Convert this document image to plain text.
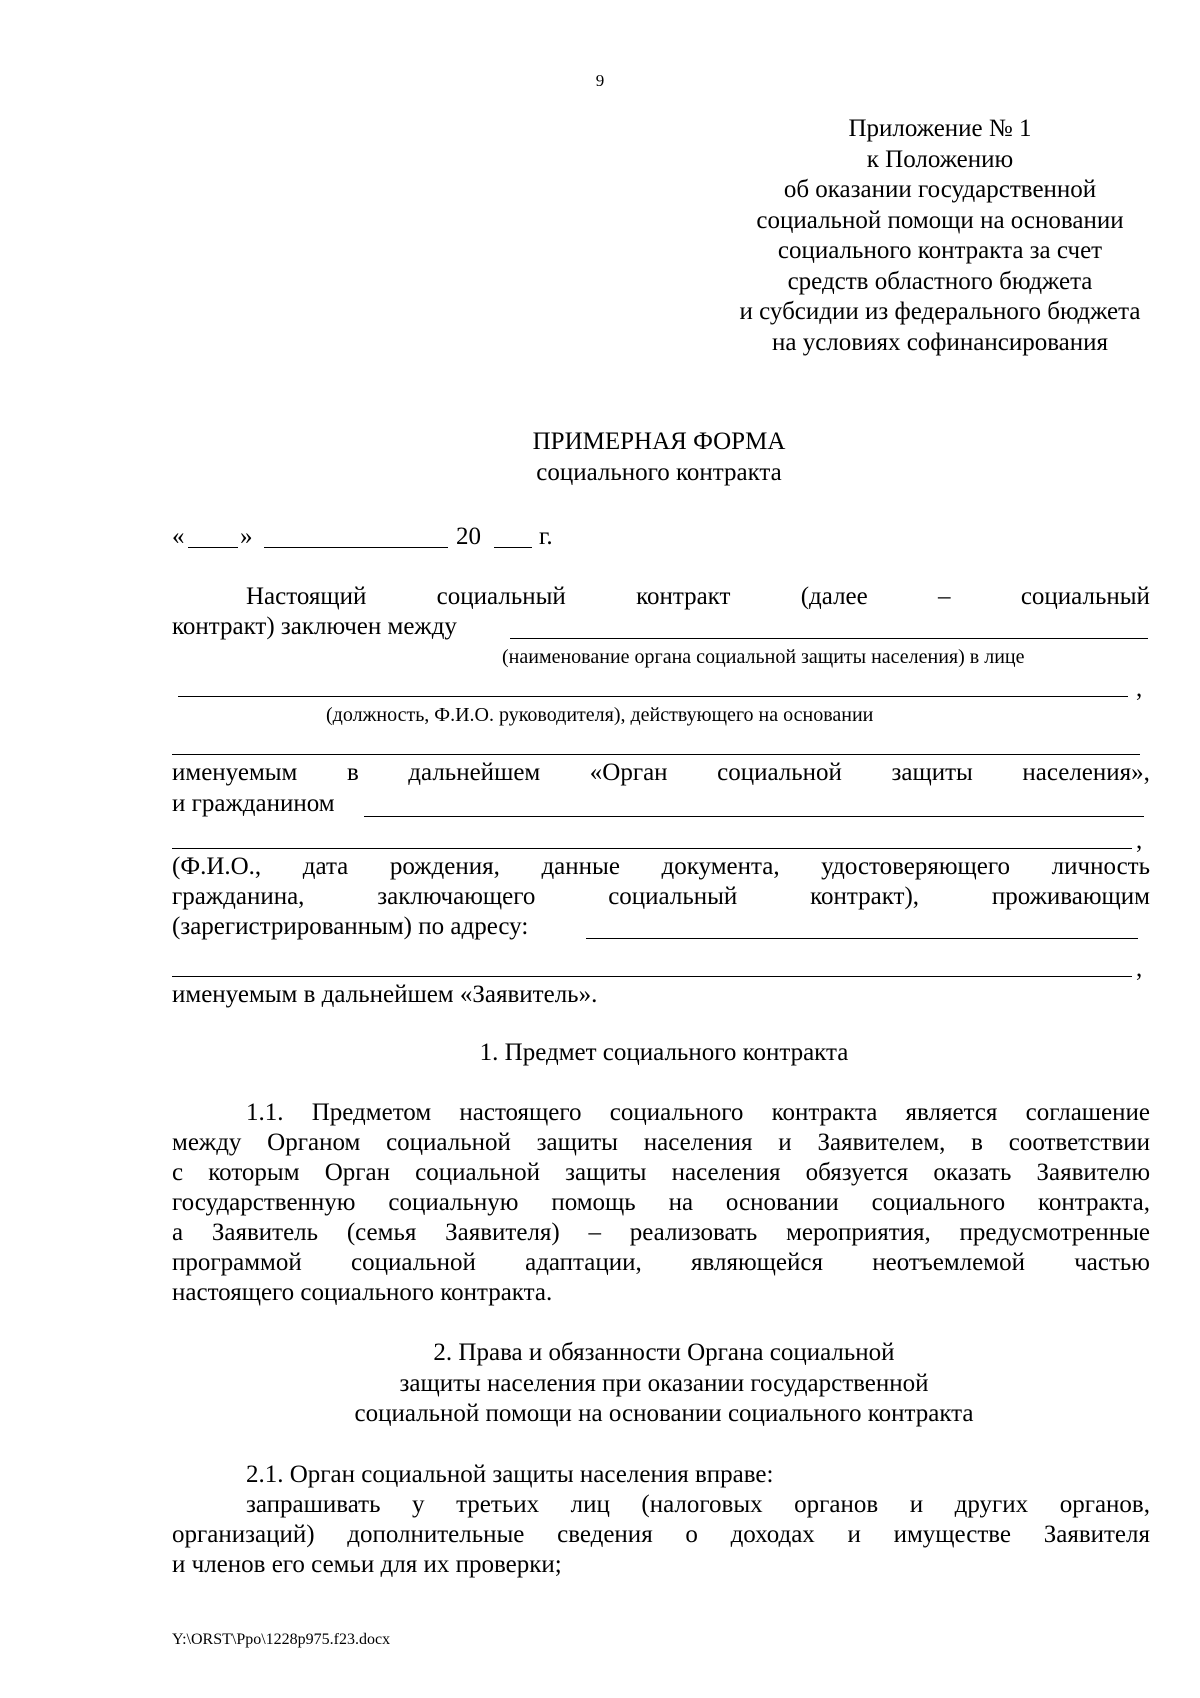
9
Приложение № 1
к Положению
об оказании государственной
социальной помощи на основании
социального контракта за счет
средств областного бюджета
и субсидии из федерального бюджета
на условиях софинансирования
ПРИМЕРНАЯ ФОРМА
социального контракта
« »	20 г.
Настоящий	социальный	контракт	(далее	–	социальный
контракт) заключен между
(наименование органа социальной защиты населения) в лице
,
(должность, Ф.И.О. руководителя), действующего на основании
именуемым в дальнейшем «Орган социальной защиты населения»,
и гражданином
,
(Ф.И.О., дата рождения, данные документа, удостоверяющего личность
гражданина,	заключающего	социальный	контракт),	проживающим
(зарегистрированным) по адресу:
,
именуемым в дальнейшем «Заявитель».
1. Предмет социального контракта
1.1. Предметом настоящего социального контракта является соглашение
между Органом социальной защиты населения и Заявителем, в соответствии
с которым Орган социальной защиты населения обязуется оказать Заявителю
государственную социальную помощь на основании социального контракта,
а Заявитель (семья Заявителя) – реализовать мероприятия, предусмотренные
программой социальной адаптации, являющейся неотъемлемой частью
настоящего социального контракта.
2. Права и обязанности Органа социальной
защиты населения при оказании государственной
социальной помощи на основании социального контракта
2.1. Орган социальной защиты населения вправе:
запрашивать у третьих лиц (налоговых органов и других органов,
организаций) дополнительные сведения о доходах и имуществе Заявителя
и членов его семьи для их проверки;
Y:\ORST\Ppo\1228p975.f23.docx
